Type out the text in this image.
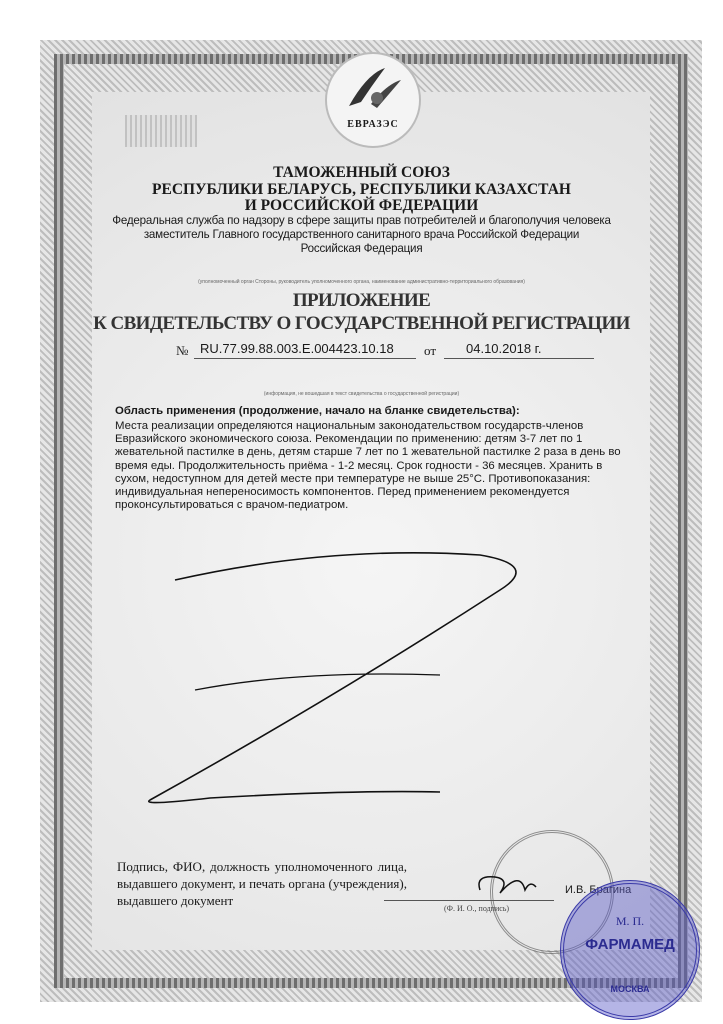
ЕВРАЗЭС
ТАМОЖЕННЫЙ СОЮЗ
РЕСПУБЛИКИ БЕЛАРУСЬ, РЕСПУБЛИКИ КАЗАХСТАН
И РОССИЙСКОЙ ФЕДЕРАЦИИ
Федеральная служба по надзору в сфере защиты прав потребителей и благополучия человека
заместитель Главного государственного санитарного врача Российской Федерации
Российская Федерация
(уполномоченный орган Стороны, руководитель уполномоченного органа, наименование административно-территориального образования)
ПРИЛОЖЕНИЕ
К СВИДЕТЕЛЬСТВУ О ГОСУДАРСТВЕННОЙ РЕГИСТРАЦИИ
№ RU.77.99.88.003.E.004423.10.18 от 04.10.2018 г.
(информация, не вошедшая в текст свидетельства о государственной регистрации)
Область применения (продолжение, начало на бланке свидетельства):
Места реализации определяются национальным законодательством государств-членов Евразийского экономического союза. Рекомендации по применению: детям 3-7 лет по 1 жевательной пастилке в день, детям старше 7 лет по 1 жевательной пастилке 2 раза в день во время еды. Продолжительность приёма - 1-2 месяц. Срок годности - 36 месяцев. Хранить в сухом, недоступном для детей месте при температуре не выше 25°C. Противопоказания: индивидуальная непереносимость компонентов. Перед применением рекомендуется проконсультироваться с врачом-педиатром.
Подпись, ФИО, должность уполномоченного лица, выдавшего документ, и печать органа (учреждения), выдавшего документ
И.В. Брагина
(Ф. И. О., подпись)
М. П.
ФАРМАМЕД
МОСКВА
